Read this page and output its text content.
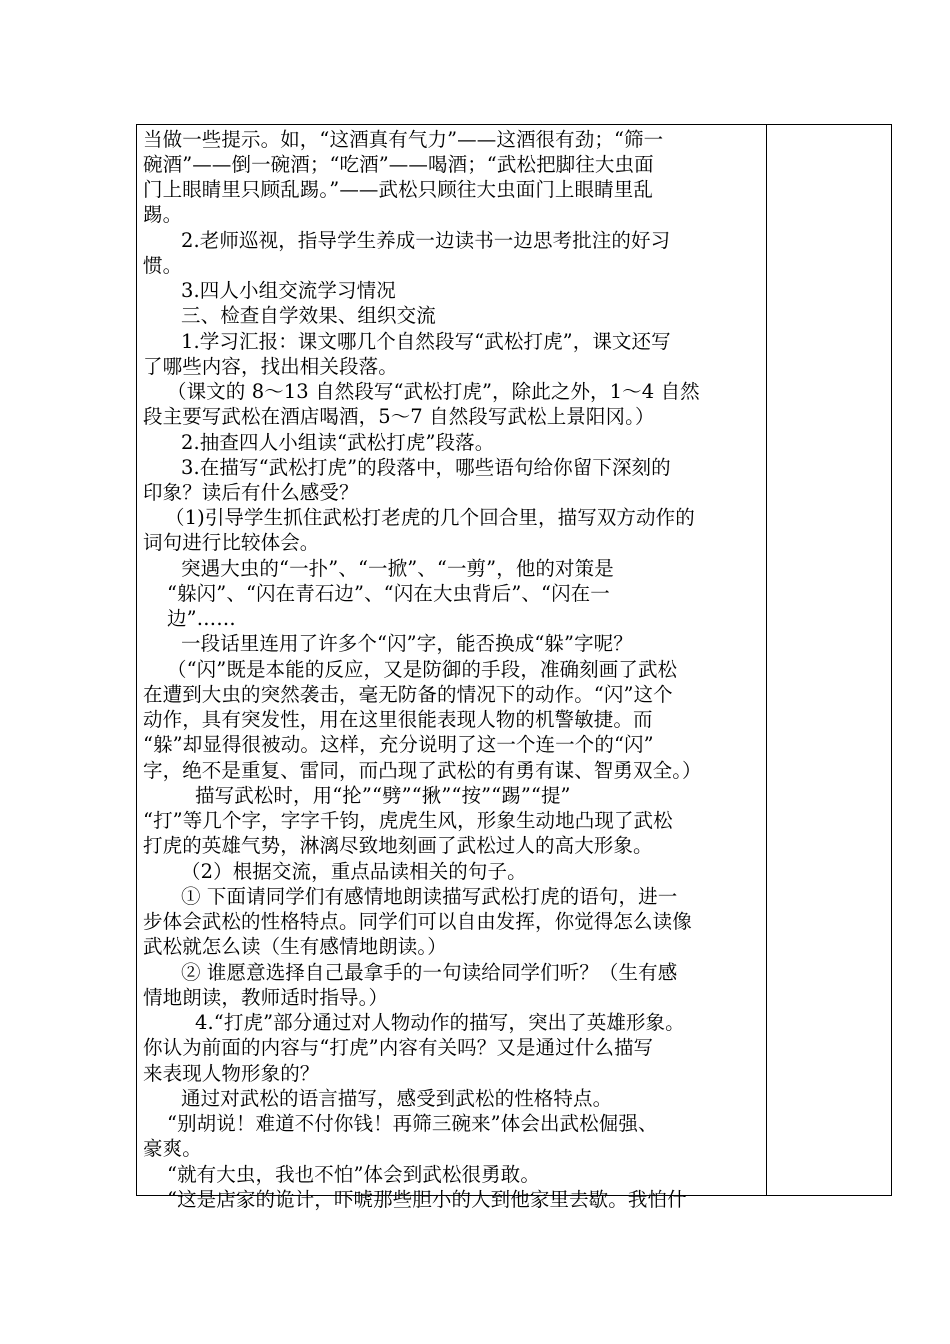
当做一些提示。如，“这酒真有气力”——这酒很有劲；“筛一
碗酒”——倒一碗酒；“吃酒”——喝酒；“武松把脚往大虫面
门上眼睛里只顾乱踢。”——武松只顾往大虫面门上眼睛里乱
踢。
2.老师巡视，指导学生养成一边读书一边思考批注的好习
惯。
3.四人小组交流学习情况
三、检查自学效果、组织交流
1.学习汇报：课文哪几个自然段写“武松打虎”，课文还写
了哪些内容，找出相关段落。
（课文的 8～13 自然段写“武松打虎”，除此之外，1～4 自然
段主要写武松在酒店喝酒，5～7 自然段写武松上景阳冈。）
2.抽查四人小组读“武松打虎”段落。
3.在描写“武松打虎”的段落中，哪些语句给你留下深刻的
印象？读后有什么感受？
（1)引导学生抓住武松打老虎的几个回合里，描写双方动作的
词句进行比较体会。
突遇大虫的“一扑”、“一掀”、“一剪”，他的对策是
“躲闪”、“闪在青石边”、“闪在大虫背后”、“闪在一
边”……
一段话里连用了许多个“闪”字，能否换成“躲”字呢？
（“闪”既是本能的反应，又是防御的手段，准确刻画了武松
在遭到大虫的突然袭击，毫无防备的情况下的动作。“闪”这个
动作，具有突发性，用在这里很能表现人物的机警敏捷。而
“躲”却显得很被动。这样，充分说明了这一个连一个的“闪”
字，绝不是重复、雷同，而凸现了武松的有勇有谋、智勇双全。）
描写武松时，用“抡”“劈”“揪”“按”“踢”“提”
“打”等几个字，字字千钧，虎虎生风，形象生动地凸现了武松
打虎的英雄气势，淋漓尽致地刻画了武松过人的高大形象。
（2）根据交流，重点品读相关的句子。
① 下面请同学们有感情地朗读描写武松打虎的语句，进一
步体会武松的性格特点。同学们可以自由发挥，你觉得怎么读像
武松就怎么读（生有感情地朗读。）
② 谁愿意选择自己最拿手的一句读给同学们听？（生有感
情地朗读，教师适时指导。）
4.“打虎”部分通过对人物动作的描写，突出了英雄形象。
你认为前面的内容与“打虎”内容有关吗？又是通过什么描写
来表现人物形象的？
通过对武松的语言描写，感受到武松的性格特点。
“别胡说！难道不付你钱！再筛三碗来”体会出武松倔强、
豪爽。
“就有大虫，我也不怕”体会到武松很勇敢。
“这是店家的诡计，吓唬那些胆小的人到他家里去歇。我怕什
